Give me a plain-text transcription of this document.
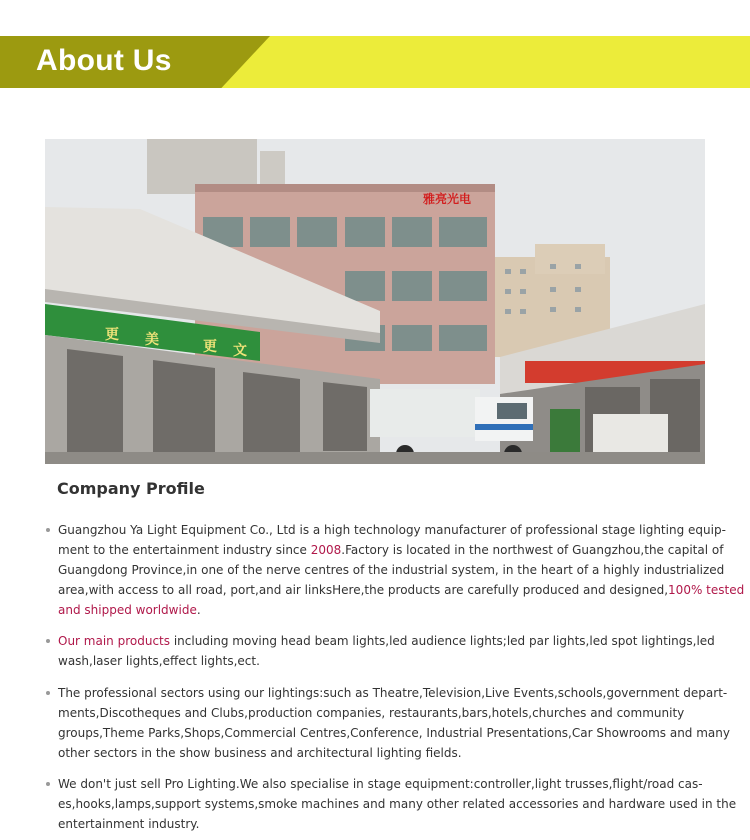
About Us
雅亮光电
更 美	更 文
Company Profile
Guangzhou Ya Light Equipment Co., Ltd is a high technology manufacturer of professional stage lighting equip-
ment to the entertainment industry since 2008.Factory is located in the northwest of Guangzhou,the capital of
Guangdong Province,in one of the nerve centres of the industrial system, in the heart of a highly industrialized
area,with access to all road, port,and air linksHere,the products are carefully produced and designed,100% tested
and shipped worldwide.
Our main products including moving head beam lights,led audience lights;led par lights,led spot lightings,led
wash,laser lights,effect lights,ect.
The professional sectors using our lightings:such as Theatre,Television,Live Events,schools,government depart-
ments,Discotheques and Clubs,production companies, restaurants,bars,hotels,churches and community
groups,Theme Parks,Shops,Commercial Centres,Conference, Industrial Presentations,Car Showrooms and many
other sectors in the show business and architectural lighting fields.
We don't just sell Pro Lighting.We also specialise in stage equipment:controller,light trusses,flight/road cas-
es,hooks,lamps,support systems,smoke machines and many other related accessories and hardware used in the
entertainment industry.
